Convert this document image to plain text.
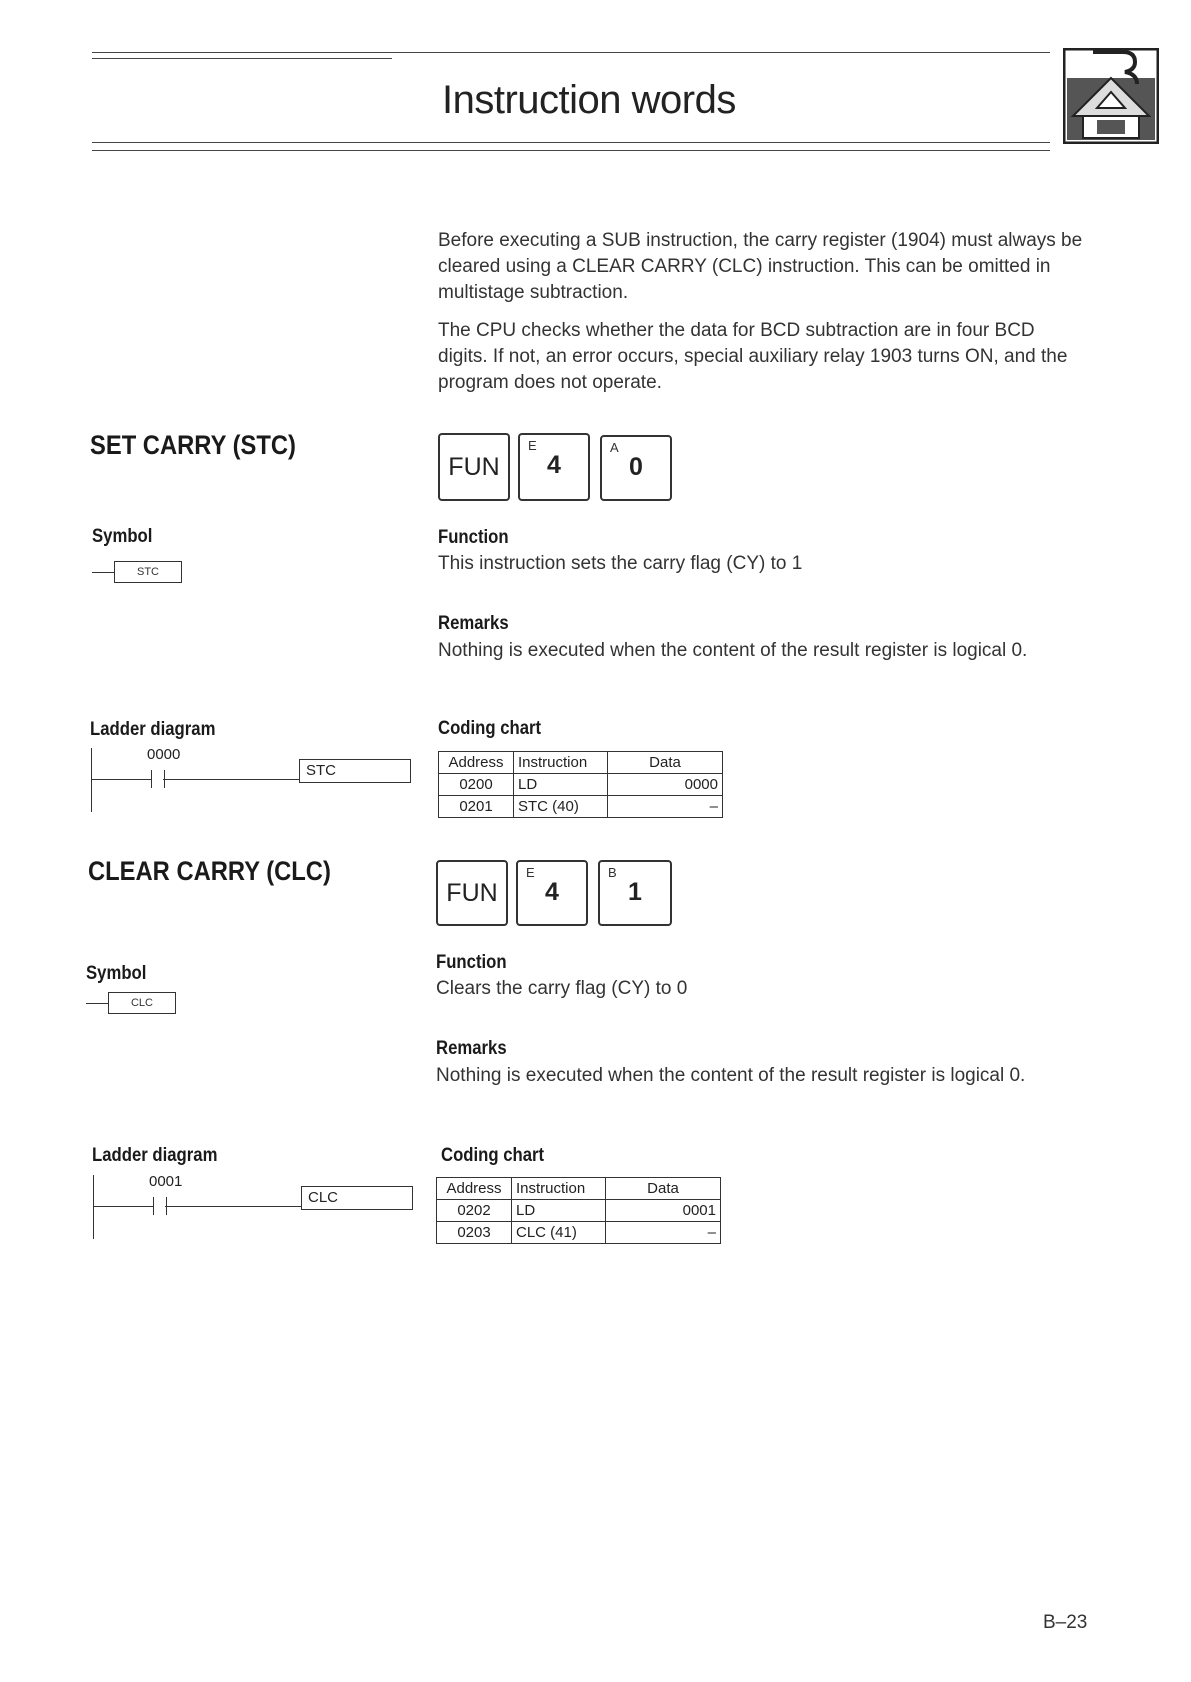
Instruction words
Before executing a SUB instruction, the carry register (1904) must always be cleared using a CLEAR CARRY (CLC) instruction. This can be omitted in multistage subtraction.
The CPU checks whether the data for BCD subtraction are in four BCD digits. If not, an error occurs, special auxiliary relay 1903 turns ON, and the program does not operate.
SET CARRY (STC)
FUN
E
4
A
0
Symbol
STC
Function
This instruction sets the carry flag (CY) to 1
Remarks
Nothing is executed when the content of the result register is logical 0.
Ladder diagram
0000
STC
Coding chart
Address	Instruction	Data
0200	LD	0000
0201	STC (40)	–
CLEAR CARRY (CLC)
FUN
E
4
B
1
Symbol
CLC
Function
Clears the carry flag (CY) to 0
Remarks
Nothing is executed when the content of the result register is logical 0.
Ladder diagram
0001
CLC
Coding chart
Address	Instruction	Data
0202	LD	0001
0203	CLC (41)	–
B–23
